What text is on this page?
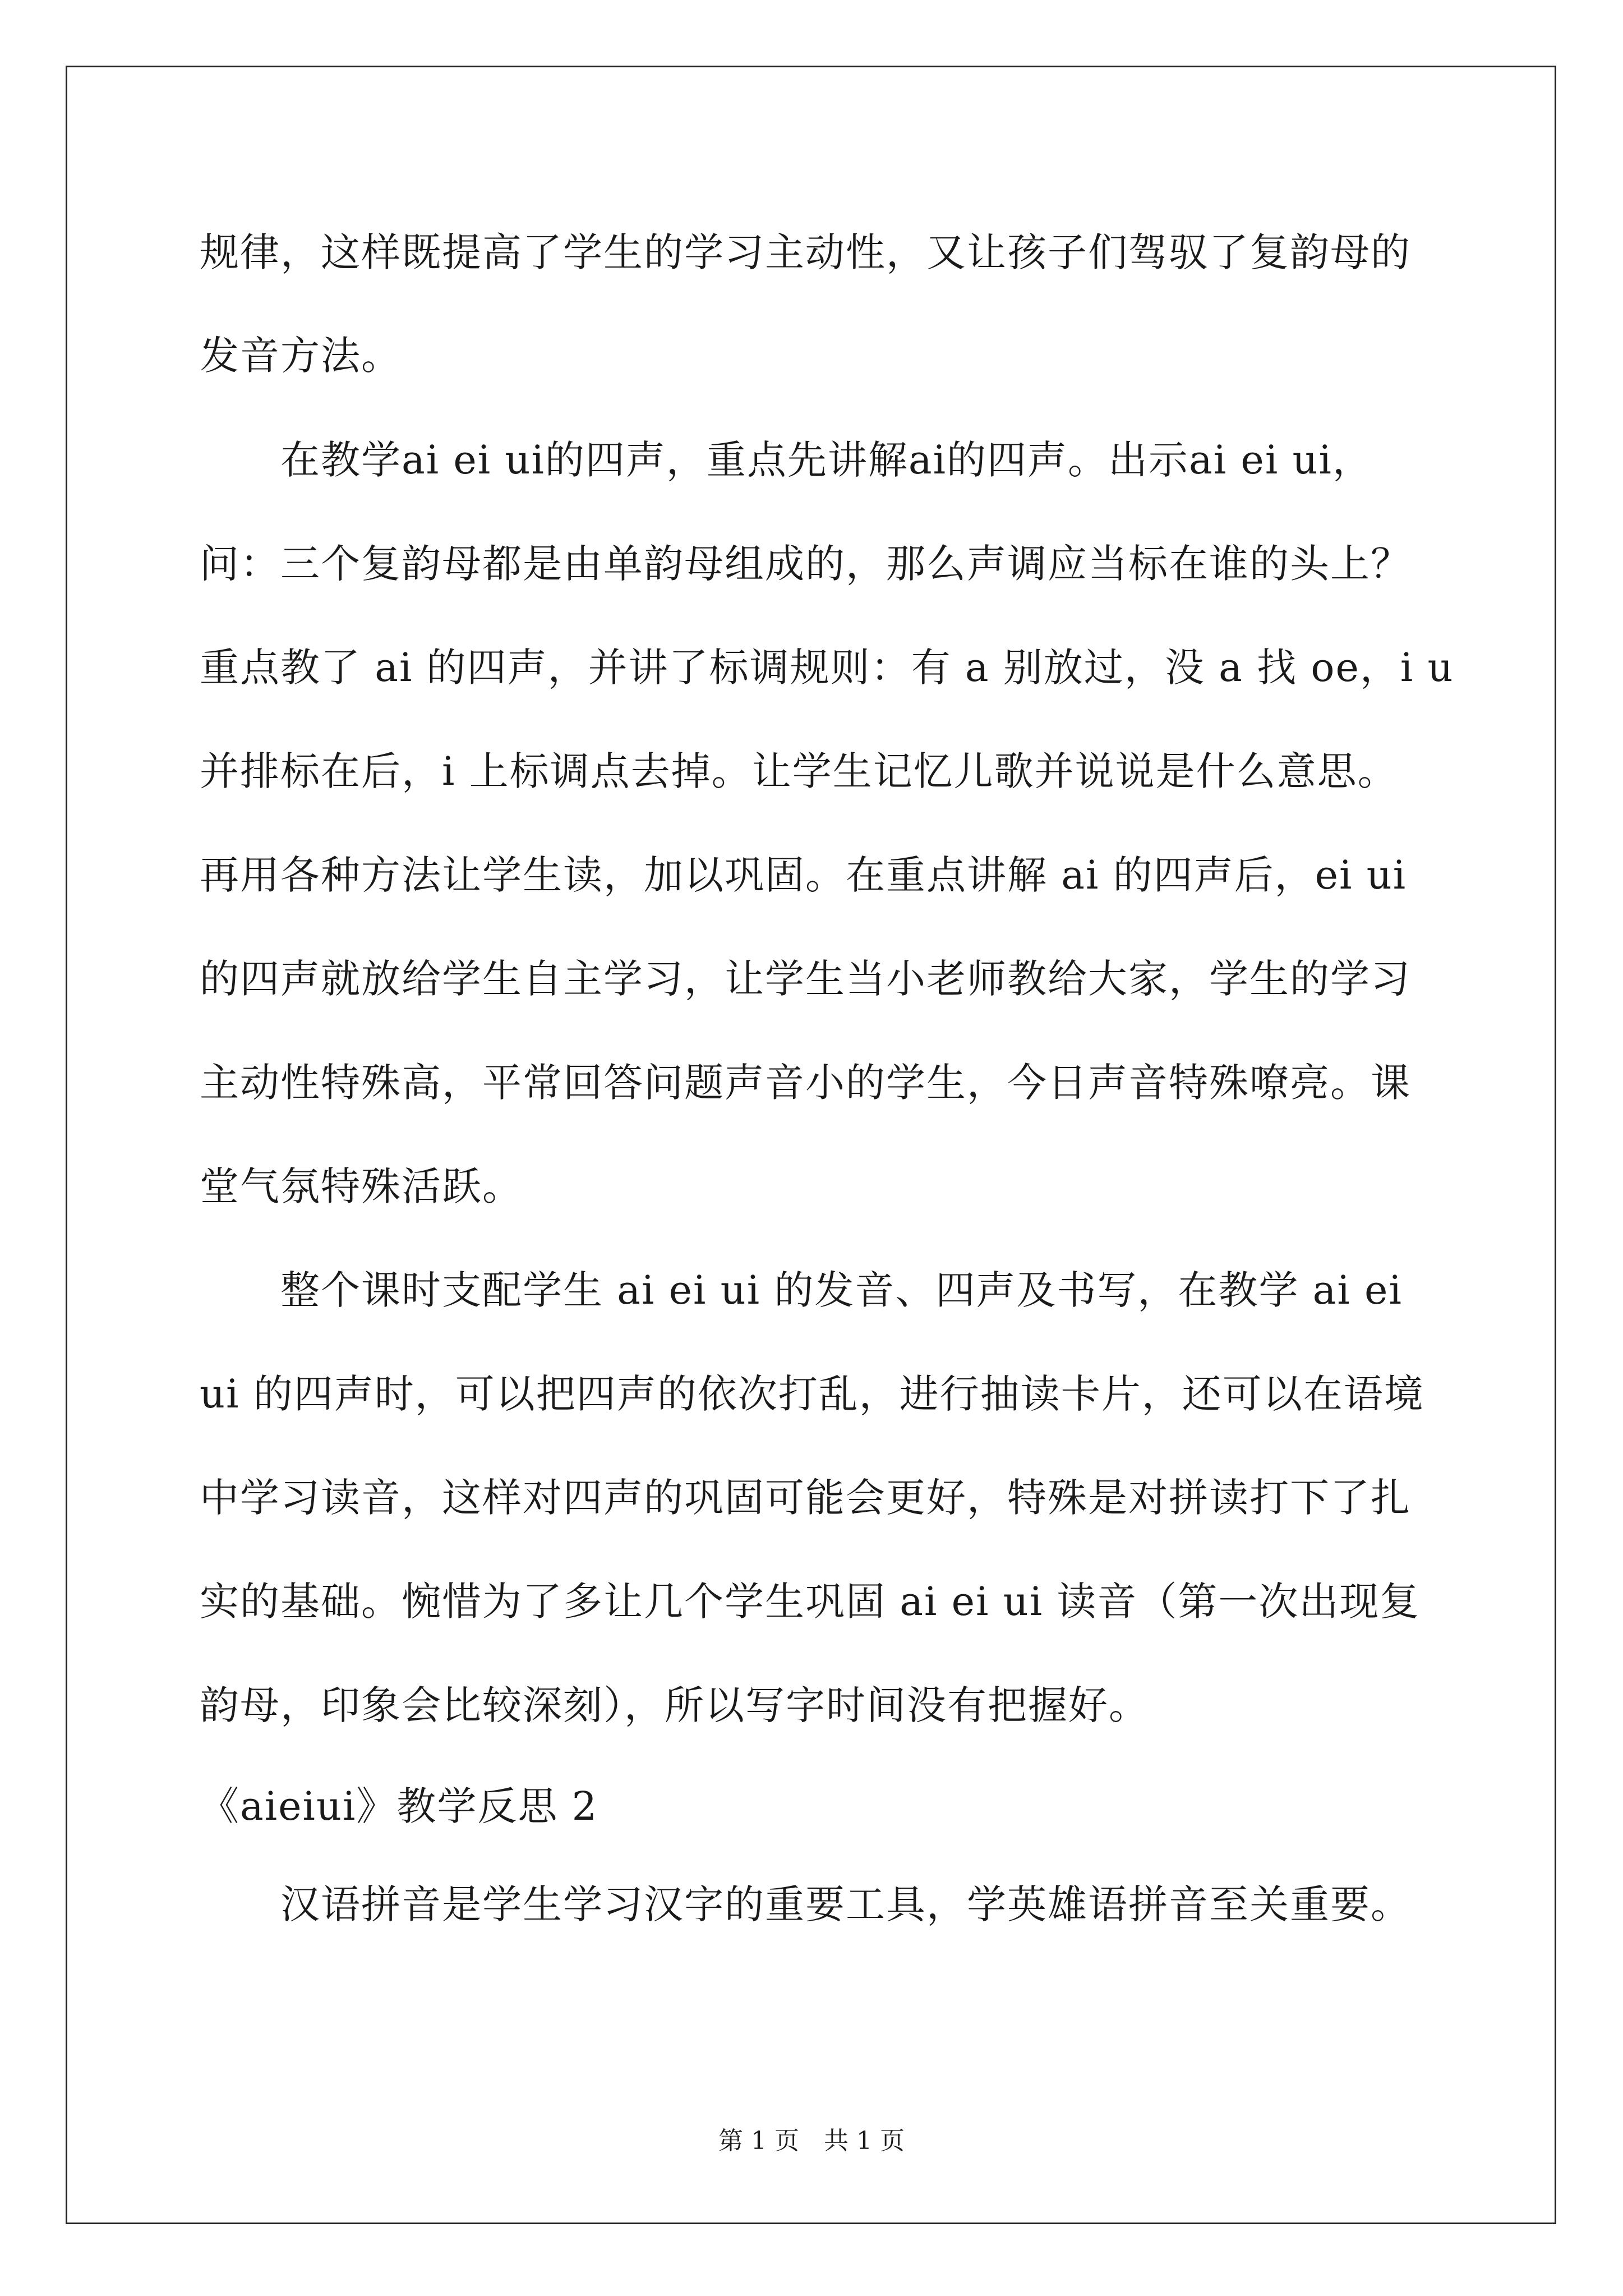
规律，这样既提高了学生的学习主动性，又让孩子们驾驭了复韵母的

发音方法。

在教学ai ei ui的四声，重点先讲解ai的四声。出示ai ei ui，

问：三个复韵母都是由单韵母组成的，那么声调应当标在谁的头上？

重点教了 ai 的四声，并讲了标调规则：有 a 别放过，没 a 找 oe，i u

并排标在后，i 上标调点去掉。让学生记忆儿歌并说说是什么意思。

再用各种方法让学生读，加以巩固。在重点讲解 ai 的四声后，ei ui

的四声就放给学生自主学习，让学生当小老师教给大家，学生的学习

主动性特殊高，平常回答问题声音小的学生，今日声音特殊嘹亮。课

堂气氛特殊活跃。

整个课时支配学生 ai ei ui 的发音、四声及书写，在教学 ai ei

ui 的四声时，可以把四声的依次打乱，进行抽读卡片，还可以在语境

中学习读音，这样对四声的巩固可能会更好，特殊是对拼读打下了扎

实的基础。惋惜为了多让几个学生巩固 ai ei ui 读音（第一次出现复

韵母，印象会比较深刻），所以写字时间没有把握好。

《aieiui》教学反思 2

汉语拼音是学生学习汉字的重要工具，学英雄语拼音至关重要。

第 1 页　共 1 页
